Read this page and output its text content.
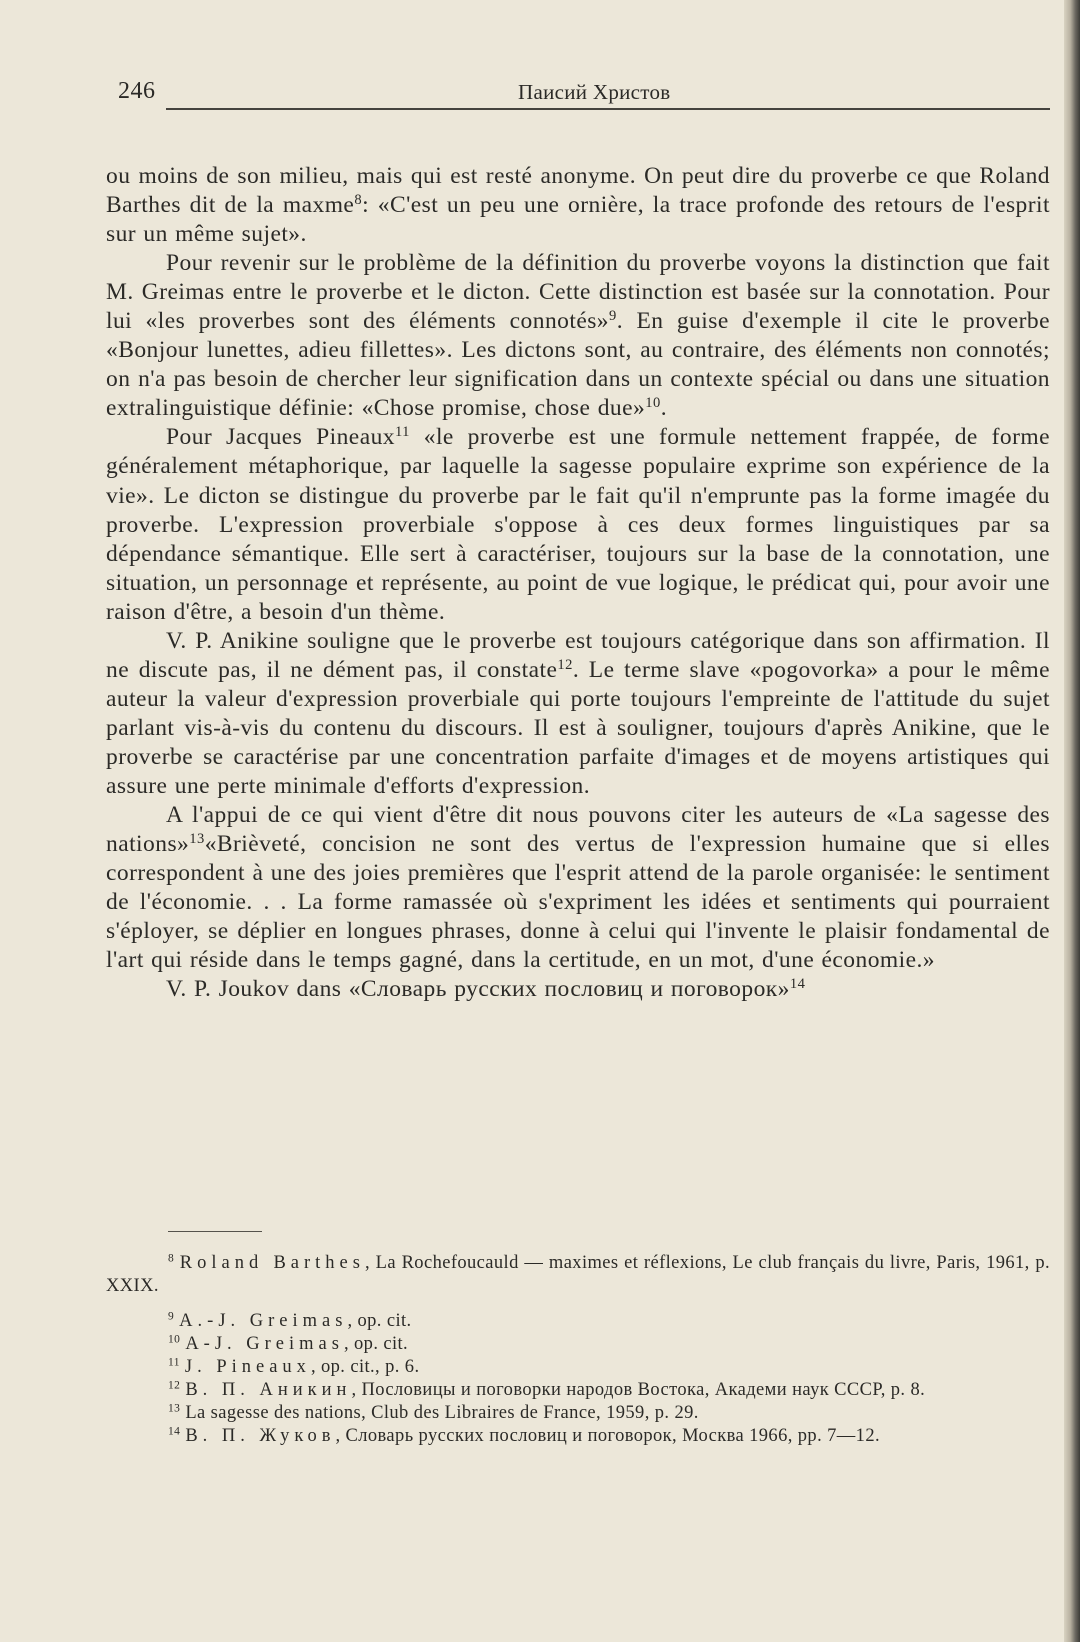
246	Паисий Христов

ou moins de son milieu, mais qui est resté anonyme. On peut dire du proverbe ce que Roland Barthes dit de la maxme$^8$: «C'est un peu une ornière, la trace profonde des retours de l'esprit sur un même sujet».

Pour revenir sur le problème de la définition du proverbe voyons la distinction que fait M. Greimas entre le proverbe et le dicton. Cette distinction est basée sur la connotation. Pour lui «les proverbes sont des éléments connotés»$^9$. En guise d'exemple il cite le proverbe «Bonjour lunettes, adieu fillettes». Les dictons sont, au contraire, des éléments non connotés; on n'a pas besoin de chercher leur signification dans un contexte spécial ou dans une situation extralinguistique définie: «Chose promise, chose due»$^{10}$.

Pour Jacques Pineaux$^{11}$ «le proverbe est une formule nettement frappée, de forme généralement métaphorique, par laquelle la sagesse populaire exprime son expérience de la vie». Le dicton se distingue du proverbe par le fait qu'il n'emprunte pas la forme imagée du proverbe. L'expression proverbiale s'oppose à ces deux formes linguistiques par sa dépendance sémantique. Elle sert à caractériser, toujours sur la base de la connotation, une situation, un personnage et représente, au point de vue logique, le prédicat qui, pour avoir une raison d'être, a besoin d'un thème.

V. P. Anikine souligne que le proverbe est toujours catégorique dans son affirmation. Il ne discute pas, il ne dément pas, il constate$^{12}$. Le terme slave «pogovorka» a pour le même auteur la valeur d'expression proverbiale qui porte toujours l'empreinte de l'attitude du sujet parlant vis-à-vis du contenu du discours. Il est à souligner, toujours d'après Anikine, que le proverbe se caractérise par une concentration parfaite d'images et de moyens artistiques qui assure une perte minimale d'efforts d'expression.

A l'appui de ce qui vient d'être dit nous pouvons citer les auteurs de «La sagesse des nations»$^{13}$«Brièveté, concision ne sont des vertus de l'expression humaine que si elles correspondent à une des joies premières que l'esprit attend de la parole organisée: le sentiment de l'économie. . . La forme ramassée où s'expriment les idées et sentiments qui pourraient s'éployer, se déplier en longues phrases, donne à celui qui l'invente le plaisir fondamental de l'art qui réside dans le temps gagné, dans la certitude, en un mot, d'une économie.»

V. P. Joukov dans «Словарь русских пословиц и поговорок»$^{14}$

$^8$ Roland Barthes, La Rochefoucauld — maximes et réflexions, Le club français du livre, Paris, 1961, p. XXIX.

$^9$ A.-J. Greimas, op. cit.

$^{10}$ A-J. Greimas, op. cit.

$^{11}$ J. Pineaux, op. cit., p. 6.

$^{12}$ В. П. Аникин, Пословицы и поговорки народов Востока, Академи наук СССР, p. 8.

$^{13}$ La sagesse des nations, Club des Libraires de France, 1959, p. 29.

$^{14}$ В. П. Жуков, Словарь русских пословиц и поговорок, Москва 1966, pp. 7—12.
